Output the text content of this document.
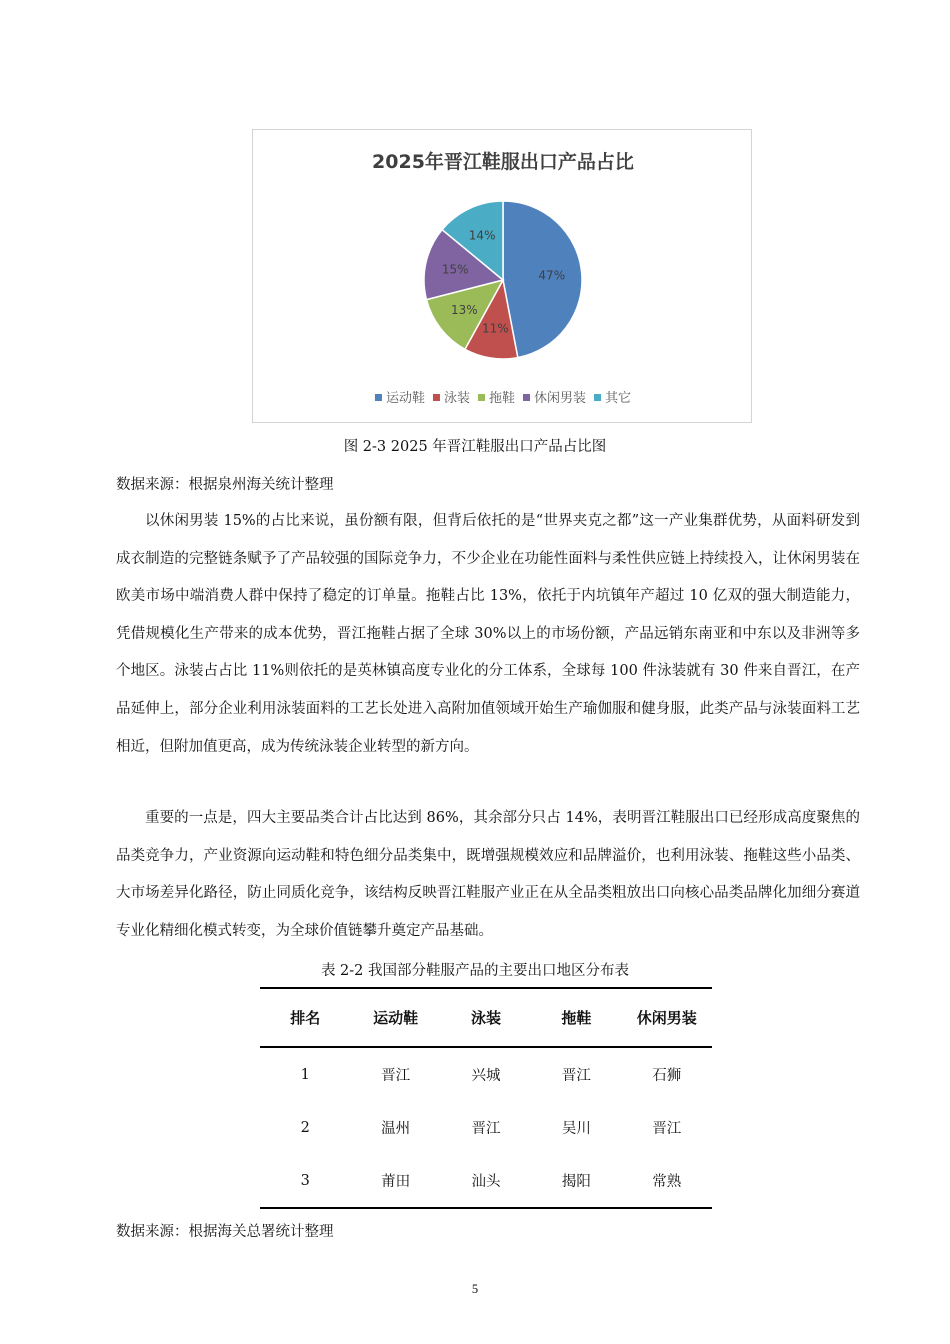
2025年晋江鞋服出口产品占比
47%
11%
13%
15%
14%
运动鞋 泳装 拖鞋 休闲男装 其它
图 2-3 2025 年晋江鞋服出口产品占比图
数据来源：根据泉州海关统计整理

以休闲男装 15%的占比来说，虽份额有限，但背后依托的是“世界夹克之都”这一产业集群优势，从面料研发到成衣制造的完整链条赋予了产品较强的国际竞争力，不少企业在功能性面料与柔性供应链上持续投入，让休闲男装在欧美市场中端消费人群中保持了稳定的订单量。拖鞋占比 13%，依托于内坑镇年产超过 10 亿双的强大制造能力，凭借规模化生产带来的成本优势，晋江拖鞋占据了全球 30%以上的市场份额，产品远销东南亚和中东以及非洲等多个地区。泳装占占比 11%则依托的是英林镇高度专业化的分工体系，全球每 100 件泳装就有 30 件来自晋江，在产品延伸上，部分企业利用泳装面料的工艺长处进入高附加值领域开始生产瑜伽服和健身服，此类产品与泳装面料工艺相近，但附加值更高，成为传统泳装企业转型的新方向。

重要的一点是，四大主要品类合计占比达到 86%，其余部分只占 14%，表明晋江鞋服出口已经形成高度聚焦的品类竞争力，产业资源向运动鞋和特色细分品类集中，既增强规模效应和品牌溢价，也利用泳装、拖鞋这些小品类、大市场差异化路径，防止同质化竞争，该结构反映晋江鞋服产业正在从全品类粗放出口向核心品类品牌化加细分赛道专业化精细化模式转变，为全球价值链攀升奠定产品基础。

表 2-2 我国部分鞋服产品的主要出口地区分布表
排名	运动鞋	泳装	拖鞋	休闲男装
1	晋江	兴城	晋江	石狮
2	温州	晋江	吴川	晋江
3	莆田	汕头	揭阳	常熟
数据来源：根据海关总署统计整理
5
